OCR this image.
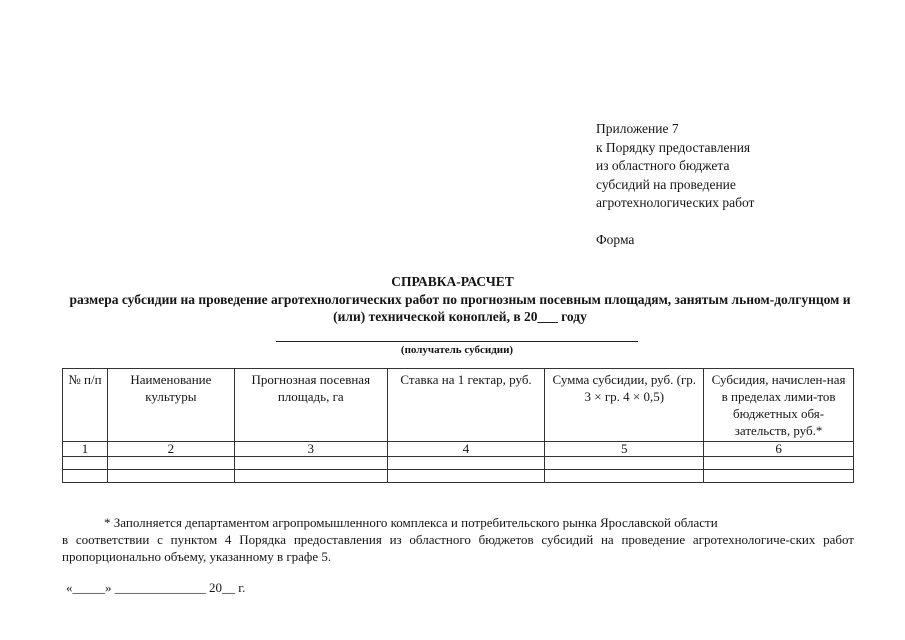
Приложение 7
к Порядку предоставления
из областного бюджета
субсидий на проведение
агротехнологических работ
Форма
СПРАВКА-РАСЧЕТ
размера субсидии на проведение агротехнологических работ по прогнозным посевным площадям, занятым льном-долгунцом и (или) технической коноплей, в 20___ году
(получатель субсидии)
№ п/п	Наименование культуры	Прогнозная посевная площадь, га	Ставка на 1 гектар, руб.	Сумма субсидии, руб. (гр. 3 × гр. 4 × 0,5)	Субсидия, начислен-ная в пределах лими-тов бюджетных обя-зательств, руб.*
1	2	3	4	5	6

* Заполняется департаментом агропромышленного комплекса и потребительского рынка Ярославской области
в соответствии с пунктом 4 Порядка предоставления из областного бюджетов субсидий на проведение агротехнологиче-ских работ пропорционально объему, указанному в графе 5.
«_____» ______________ 20__ г.
